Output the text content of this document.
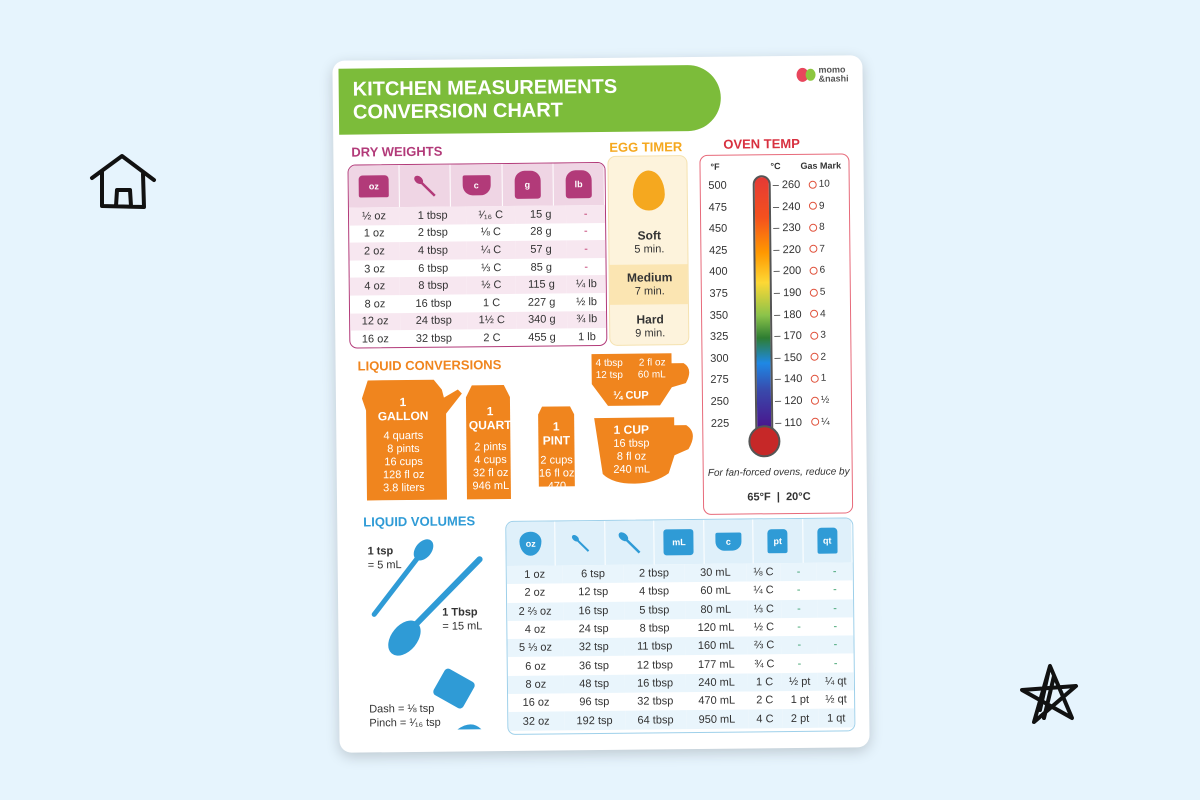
KITCHEN MEASUREMENTS
CONVERSION CHART
momo
&nashi
DRY WEIGHTS
oz	c	g	lb
½ oz	1 tbsp	¹⁄₁₆ C	15 g	-
1 oz	2 tbsp	⅛ C	28 g	-
2 oz	4 tbsp	¼ C	57 g	-
3 oz	6 tbsp	⅓ C	85 g	-
4 oz	8 tbsp	½ C	115 g	¼ lb
8 oz	16 tbsp	1 C	227 g	½ lb
12 oz	24 tbsp	1½ C	340 g	¾ lb
16 oz	32 tbsp	2 C	455 g	1 lb
EGG TIMER
Soft
5 min.
Medium
7 min.
Hard
9 min.
OVEN TEMP
°F	°C Gas Mark
500	– 260 10
475	– 240 9
450	– 230 8
425	– 220 7
400	– 200 6
375	– 190 5
350	– 180 4
325	– 170 3
300	– 150 2
275	– 140 1
250	– 120 ½
225	– 110 ¼
For fan-forced ovens, reduce by
65°F  |  20°C
LIQUID CONVERSIONS
1
GALLON
4 quarts
8 pints
16 cups
128 fl oz
3.8 liters
1
QUART
2 pints
4 cups
32 fl oz
946 mL
1
PINT
2 cups
16 fl oz
470 mL
4 tbsp 2 fl oz
12 tsp 60 mL
¼ CUP
1 CUP
16 tbsp
8 fl oz
240 mL
LIQUID VOLUMES
1 tsp
= 5 mL
1 Tbsp
= 15 mL
Dash = ⅛ tsp
Pinch = ¹⁄₁₆ tsp
oz	mL	c	pt	qt
1 oz	6 tsp	2 tbsp	30 mL	⅛ C	-	-
2 oz	12 tsp	4 tbsp	60 mL	¼ C	-	-
2 ⅔ oz	16 tsp	5 tbsp	80 mL	⅓ C	-	-
4 oz	24 tsp	8 tbsp	120 mL	½ C	-	-
5 ⅓ oz	32 tsp	11 tbsp	160 mL	⅔ C	-	-
6 oz	36 tsp	12 tbsp	177 mL	¾ C	-	-
8 oz	48 tsp	16 tbsp	240 mL	1 C	½ pt	¼ qt
16 oz	96 tsp	32 tbsp	470 mL	2 C	1 pt	½ qt
32 oz	192 tsp	64 tbsp	950 mL	4 C	2 pt	1 qt
